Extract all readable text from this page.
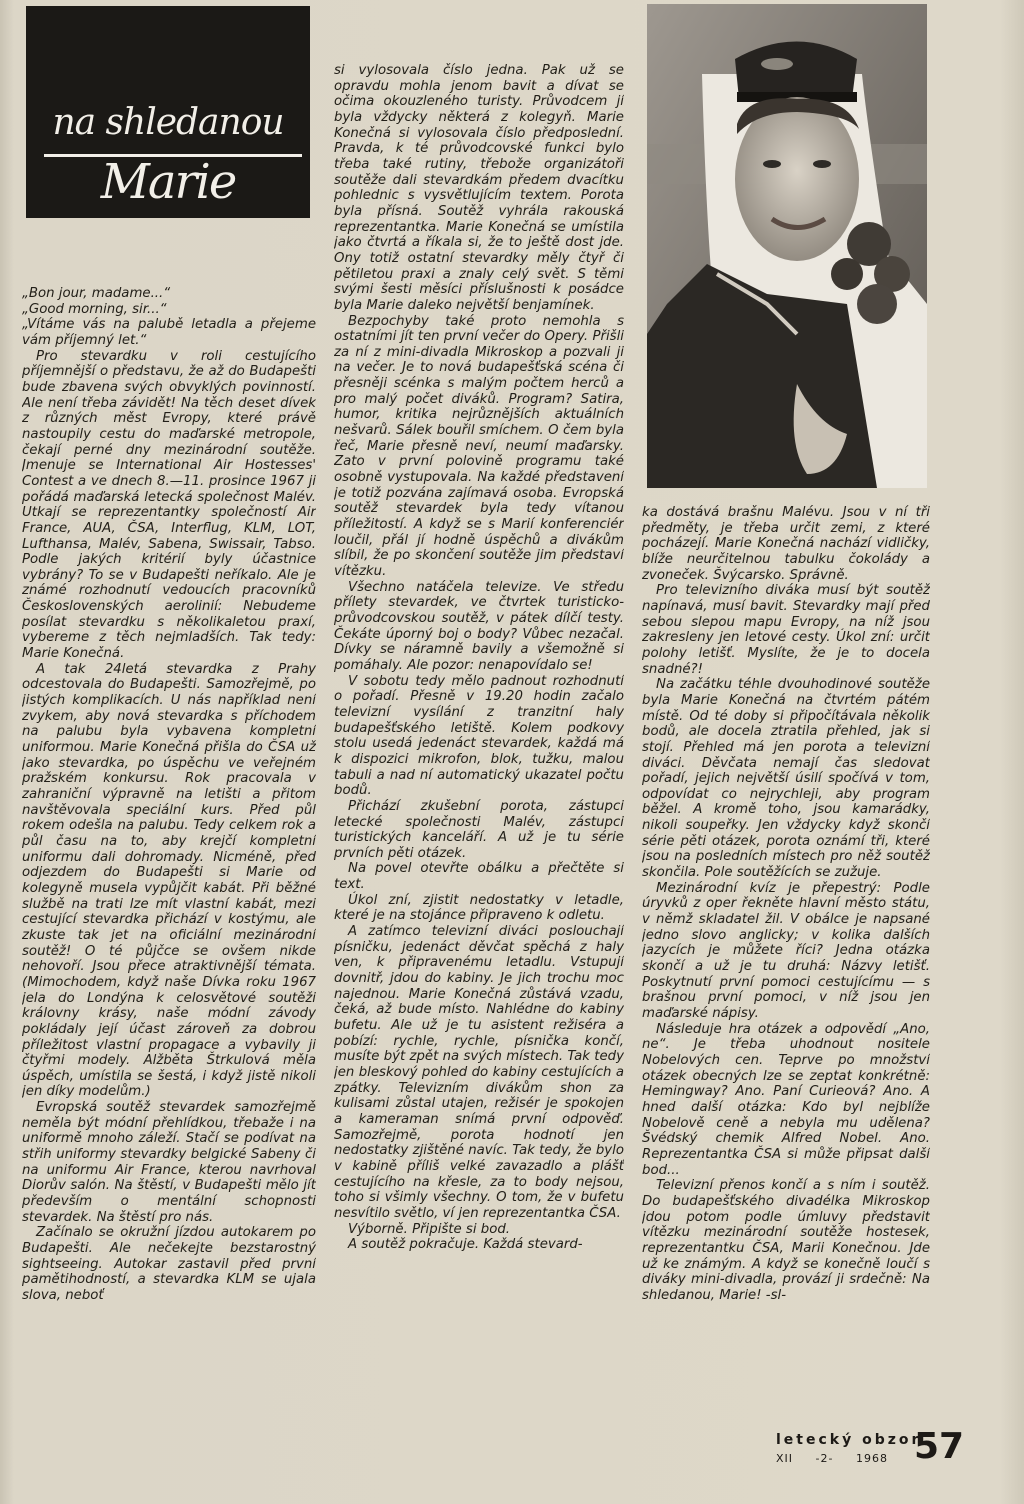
na shledanou
Marie

„Bon jour, madame...“

„Good morning, sir...“

„Vítáme vás na palubě letadla a přejeme vám příjemný let.“

Pro stevardku v roli cestujícího příjemnější o představu, že až do Budapešti bude zbavena svých obvyklých povinností. Ale není třeba závidět! Na těch deset dívek z různých měst Evropy, které právě nastoupily cestu do maďarské metropole, čekají perné dny mezinárodní soutěže. Jmenuje se International Air Hostesses' Contest a ve dnech 8.—11. prosince 1967 ji pořádá maďarská letecká společnost Malév. Utkají se reprezentantky společností Air France, AUA, ČSA, Interflug, KLM, LOT, Lufthansa, Malév, Sabena, Swissair, Tabso. Podle jakých kritérií byly účastnice vybrány? To se v Budapešti neříkalo. Ale je známé rozhodnutí vedoucích pracovníků Československých aerolinií: Nebudeme posílat stevardku s několikaletou praxí, vybereme z těch nejmladších. Tak tedy: Marie Konečná.

A tak 24letá stevardka z Prahy odcestovala do Budapešti. Samozřejmě, po jistých komplikacích. U nás například není zvykem, aby nová stevardka s příchodem na palubu byla vybavena kompletní uniformou. Marie Konečná přišla do ČSA už jako stevardka, po úspěchu ve veřejném pražském konkursu. Rok pracovala v zahraniční výpravně na letišti a přitom navštěvovala speciální kurs. Před půl rokem odešla na palubu. Tedy celkem rok a půl času na to, aby krejčí kompletní uniformu dali dohromady. Nicméně, před odjezdem do Budapešti si Marie od kolegyně musela vypůjčit kabát. Při běžné službě na trati lze mít vlastní kabát, mezi cestující stevardka přichází v kostýmu, ale zkuste tak jet na oficiální mezinárodní soutěž! O té půjčce se ovšem nikde nehovoří. Jsou přece atraktivnější témata. (Mimochodem, když naše Dívka roku 1967 jela do Londýna k celosvětové soutěži královny krásy, naše módní závody pokládaly její účast zároveň za dobrou příležitost vlastní propagace a vybavily ji čtyřmi modely. Alžběta Štrkulová měla úspěch, umístila se šestá, i když jistě nikoli jen díky modelům.)

Evropská soutěž stevardek samozřejmě neměla být módní přehlídkou, třebaže i na uniformě mnoho záleží. Stačí se podívat na střih uniformy stevardky belgické Sabeny či na uniformu Air France, kterou navrhoval Diorův salón. Na štěstí, v Budapešti mělo jít především o mentální schopnosti stevardek. Na štěstí pro nás.

Začínalo se okružní jízdou autokarem po Budapešti. Ale nečekejte bezstarostný sightseeing. Autokar zastavil před první pamětihodností, a stevardka KLM se ujala slova, neboť

si vylosovala číslo jedna. Pak už se opravdu mohla jenom bavit a dívat se očima okouzleného turisty. Průvodcem jí byla vždycky některá z kolegyň. Marie Konečná si vylosovala číslo předposlední. Pravda, k té průvodcovské funkci bylo třeba také rutiny, třebože organizátoři soutěže dali stevardkám předem dvacítku pohlednic s vysvětlujícím textem. Porota byla přísná. Soutěž vyhrála rakouská reprezentantka. Marie Konečná se umístila jako čtvrtá a říkala si, že to ještě dost jde. Ony totiž ostatní stevardky měly čtyř či pětiletou praxi a znaly celý svět. S těmi svými šesti měsíci příslušnosti k posádce byla Marie daleko největší benjamínek.

Bezpochyby také proto nemohla s ostatními jít ten první večer do Opery. Přišli za ní z mini-divadla Mikroskop a pozvali ji na večer. Je to nová budapešťská scéna či přesněji scénka s malým počtem herců a pro malý počet diváků. Program? Satira, humor, kritika nejrůznějších aktuálních nešvarů. Sálek bouřil smíchem. O čem byla řeč, Marie přesně neví, neumí maďarsky. Zato v první polovině programu také osobně vystupovala. Na každé představení je totiž pozvána zajímavá osoba. Evropská soutěž stevardek byla tedy vítanou příležitostí. A když se s Marií konferenciér loučil, přál jí hodně úspěchů a divákům slíbil, že po skončení soutěže jim představí vítězku.

Všechno natáčela televize. Ve středu přílety stevardek, ve čtvrtek turisticko-průvodcovskou soutěž, v pátek dílčí testy. Čekáte úporný boj o body? Vůbec nezačal. Dívky se náramně bavily a všemožně si pomáhaly. Ale pozor: nenapovídalo se!

V sobotu tedy mělo padnout rozhodnutí o pořadí. Přesně v 19.20 hodin začalo televizní vysílání z tranzitní haly budapešťského letiště. Kolem podkovy stolu usedá jedenáct stevardek, každá má k dispozici mikrofon, blok, tužku, malou tabuli a nad ní automatický ukazatel počtu bodů.

Přichází zkušební porota, zástupci letecké společnosti Malév, zástupci turistických kanceláří. A už je tu série prvních pěti otázek.

Na povel otevřte obálku a přečtěte si text.

Úkol zní, zjistit nedostatky v letadle, které je na stojánce připraveno k odletu.

A zatímco televizní diváci poslouchají písničku, jedenáct děvčat spěchá z haly ven, k připravenému letadlu. Vstupují dovnitř, jdou do kabiny. Je jich trochu moc najednou. Marie Konečná zůstává vzadu, čeká, až bude místo. Nahlédne do kabiny bufetu. Ale už je tu asistent režiséra a pobízí: rychle, rychle, písnička končí, musíte být zpět na svých místech. Tak tedy jen bleskový pohled do kabiny cestujících a zpátky. Televizním divákům shon za kulisami zůstal utajen, režisér je spokojen a kameraman snímá první odpověď. Samozřejmě, porota hodnotí jen nedostatky zjištěné navíc. Tak tedy, že bylo v kabině příliš velké zavazadlo a plášť cestujícího na křesle, za to body nejsou, toho si všimly všechny. O tom, že v bufetu nesvítilo světlo, ví jen reprezentantka ČSA.

Výborně. Připište si bod.

A soutěž pokračuje. Každá stevard-

ka dostává brašnu Malévu. Jsou v ní tři předměty, je třeba určit zemi, z které pocházejí. Marie Konečná nachází vidličky, blíže neurčitelnou tabulku čokolády a zvoneček. Švýcarsko. Správně.

Pro televizního diváka musí být soutěž napínavá, musí bavit. Stevardky mají před sebou slepou mapu Evropy, na níž jsou zakresleny jen letové cesty. Úkol zní: určit polohy letišť. Myslíte, že je to docela snadné?!

Na začátku téhle dvouhodinové soutěže byla Marie Konečná na čtvrtém pátém místě. Od té doby si připočítávala několik bodů, ale docela ztratila přehled, jak si stojí. Přehled má jen porota a televizní diváci. Děvčata nemají čas sledovat pořadí, jejich největší úsilí spočívá v tom, odpovídat co nejrychleji, aby program běžel. A kromě toho, jsou kamarádky, nikoli soupeřky. Jen vždycky když skončí série pěti otázek, porota oznámí tři, které jsou na posledních místech pro něž soutěž skončila. Pole soutěžících se zužuje.

Mezinárodní kvíz je přepestrý: Podle úryvků z oper řekněte hlavní město státu, v němž skladatel žil. V obálce je napsané jedno slovo anglicky; v kolika dalších jazycích je můžete říci? Jedna otázka skončí a už je tu druhá: Názvy letišť. Poskytnutí první pomoci cestujícímu — s brašnou první pomoci, v níž jsou jen maďarské nápisy.

Následuje hra otázek a odpovědí „Ano, ne“. Je třeba uhodnout nositele Nobelových cen. Teprve po množství otázek obecných lze se zeptat konkrétně: Hemingway? Ano. Paní Curieová? Ano. A hned další otázka: Kdo byl nejblíže Nobelově ceně a nebyla mu udělena? Švédský chemik Alfred Nobel. Ano. Reprezentantka ČSA si může připsat další bod...

Televizní přenos končí a s ním i soutěž. Do budapešťského divadélka Mikroskop jdou potom podle úmluvy představit vítězku mezinárodní soutěže hostesek, reprezentantku ČSA, Marii Konečnou. Jde už ke známým. A když se konečně loučí s diváky mini-divadla, provází ji srdečně: Na shledanou, Marie! -sl-

letecký obzor
XII -2- 1968 57
